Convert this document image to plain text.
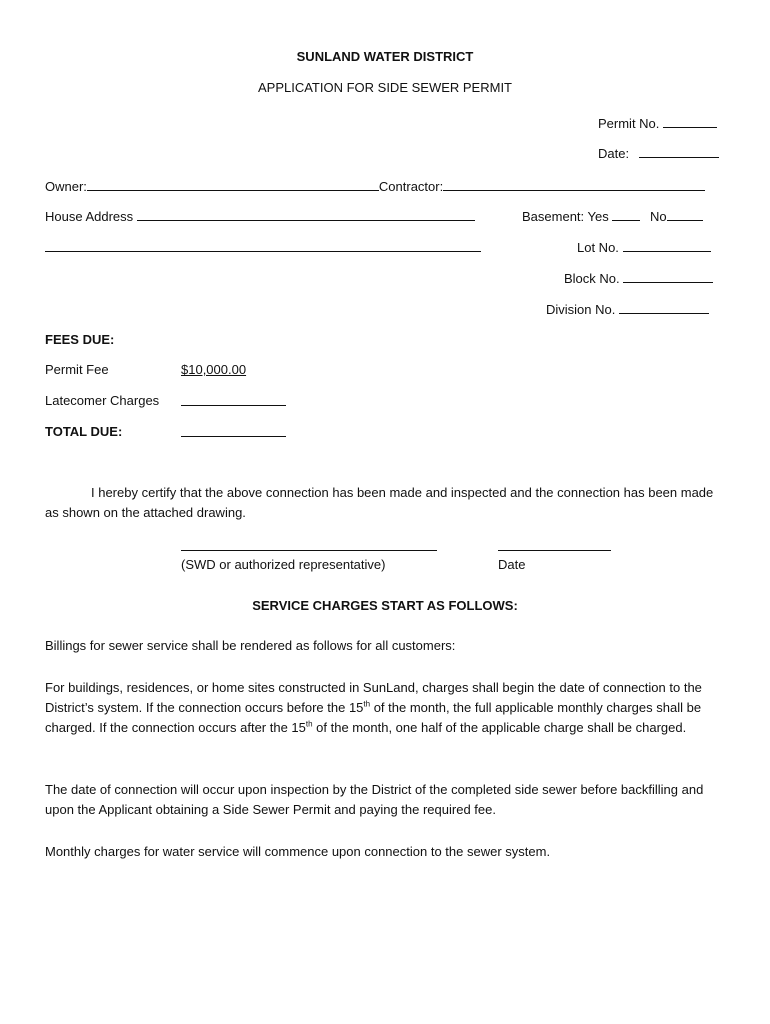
SUNLAND WATER DISTRICT
APPLICATION FOR SIDE SEWER PERMIT
Permit No.
Date:
Owner:	Contractor:
House Address	Basement: Yes	No
Lot No.
Block No.
Division No.
FEES DUE:
Permit Fee	$10,000.00
Latecomer Charges
TOTAL DUE:
I hereby certify that the above connection has been made and inspected and the connection has been made as shown on the attached drawing.
(SWD or authorized representative)	Date
SERVICE CHARGES START AS FOLLOWS:
Billings for sewer service shall be rendered as follows for all customers:
For buildings, residences, or home sites constructed in SunLand, charges shall begin the date of connection to the District’s system. If the connection occurs before the 15th of the month, the full applicable monthly charges shall be charged. If the connection occurs after the 15th of the month, one half of the applicable charge shall be charged.
The date of connection will occur upon inspection by the District of the completed side sewer before backfilling and upon the Applicant obtaining a Side Sewer Permit and paying the required fee.
Monthly charges for water service will commence upon connection to the sewer system.
